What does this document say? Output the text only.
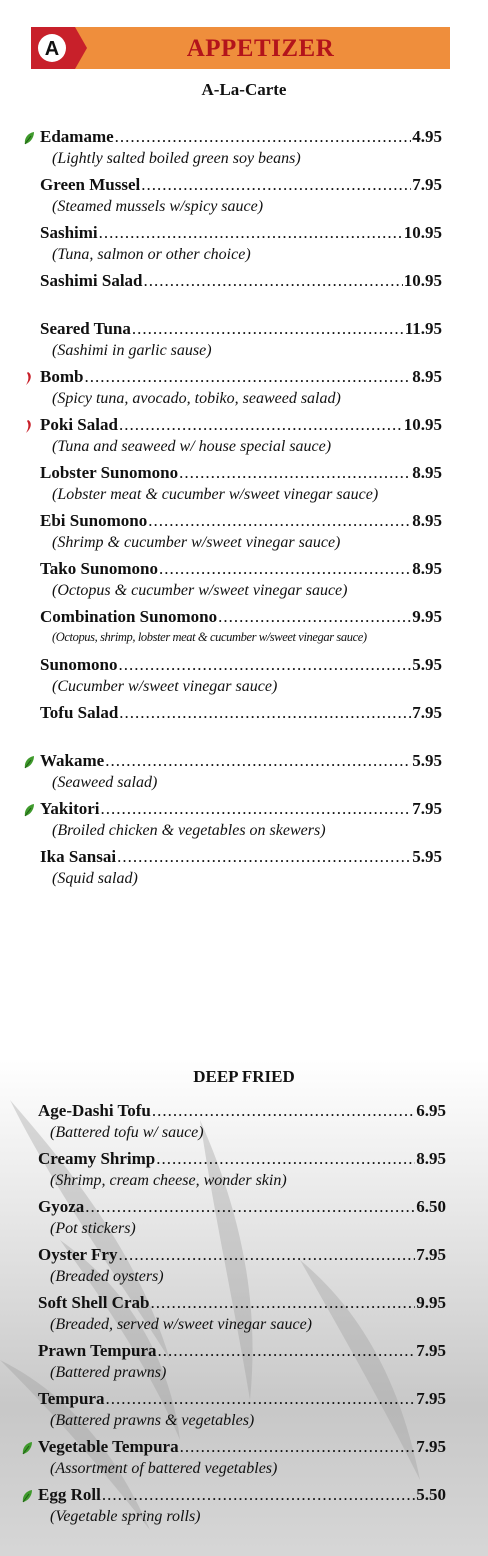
A	APPETIZER
A-La-Carte
Edamame .....	4.95
(Lightly salted boiled green soy beans)
Green Mussel .....	7.95
(Steamed mussels w/spicy sauce)
Sashimi .....	10.95
(Tuna, salmon or other choice)
Sashimi Salad .....	10.95
Seared Tuna .....	11.95
(Sashimi in garlic sause)
Bomb .....	8.95
(Spicy tuna, avocado, tobiko, seaweed salad)
Poki Salad .....	10.95
(Tuna and seaweed w/ house special sauce)
Lobster Sunomono .....	8.95
(Lobster meat & cucumber w/sweet vinegar sauce)
Ebi Sunomono .....	8.95
(Shrimp & cucumber w/sweet vinegar sauce)
Tako Sunomono .....	8.95
(Octopus & cucumber w/sweet vinegar sauce)
Combination Sunomono .....	9.95
(Octopus, shrimp, lobster meat & cucumber w/sweet vinegar sauce)
Sunomono .....	5.95
(Cucumber w/sweet vinegar sauce)
Tofu Salad .....	7.95
Wakame .....	5.95
(Seaweed salad)
Yakitori .....	7.95
(Broiled chicken & vegetables on skewers)
Ika Sansai .....	5.95
(Squid salad)
DEEP FRIED
Age-Dashi Tofu .....	6.95
(Battered tofu w/ sauce)
Creamy Shrimp .....	8.95
(Shrimp, cream cheese, wonder skin)
Gyoza .....	6.50
(Pot stickers)
Oyster Fry .....	7.95
(Breaded oysters)
Soft Shell Crab .....	9.95
(Breaded, served w/sweet vinegar sauce)
Prawn Tempura .....	7.95
(Battered prawns)
Tempura .....	7.95
(Battered prawns & vegetables)
Vegetable Tempura .....	7.95
(Assortment of battered vegetables)
Egg Roll .....	5.50
(Vegetable spring rolls)
